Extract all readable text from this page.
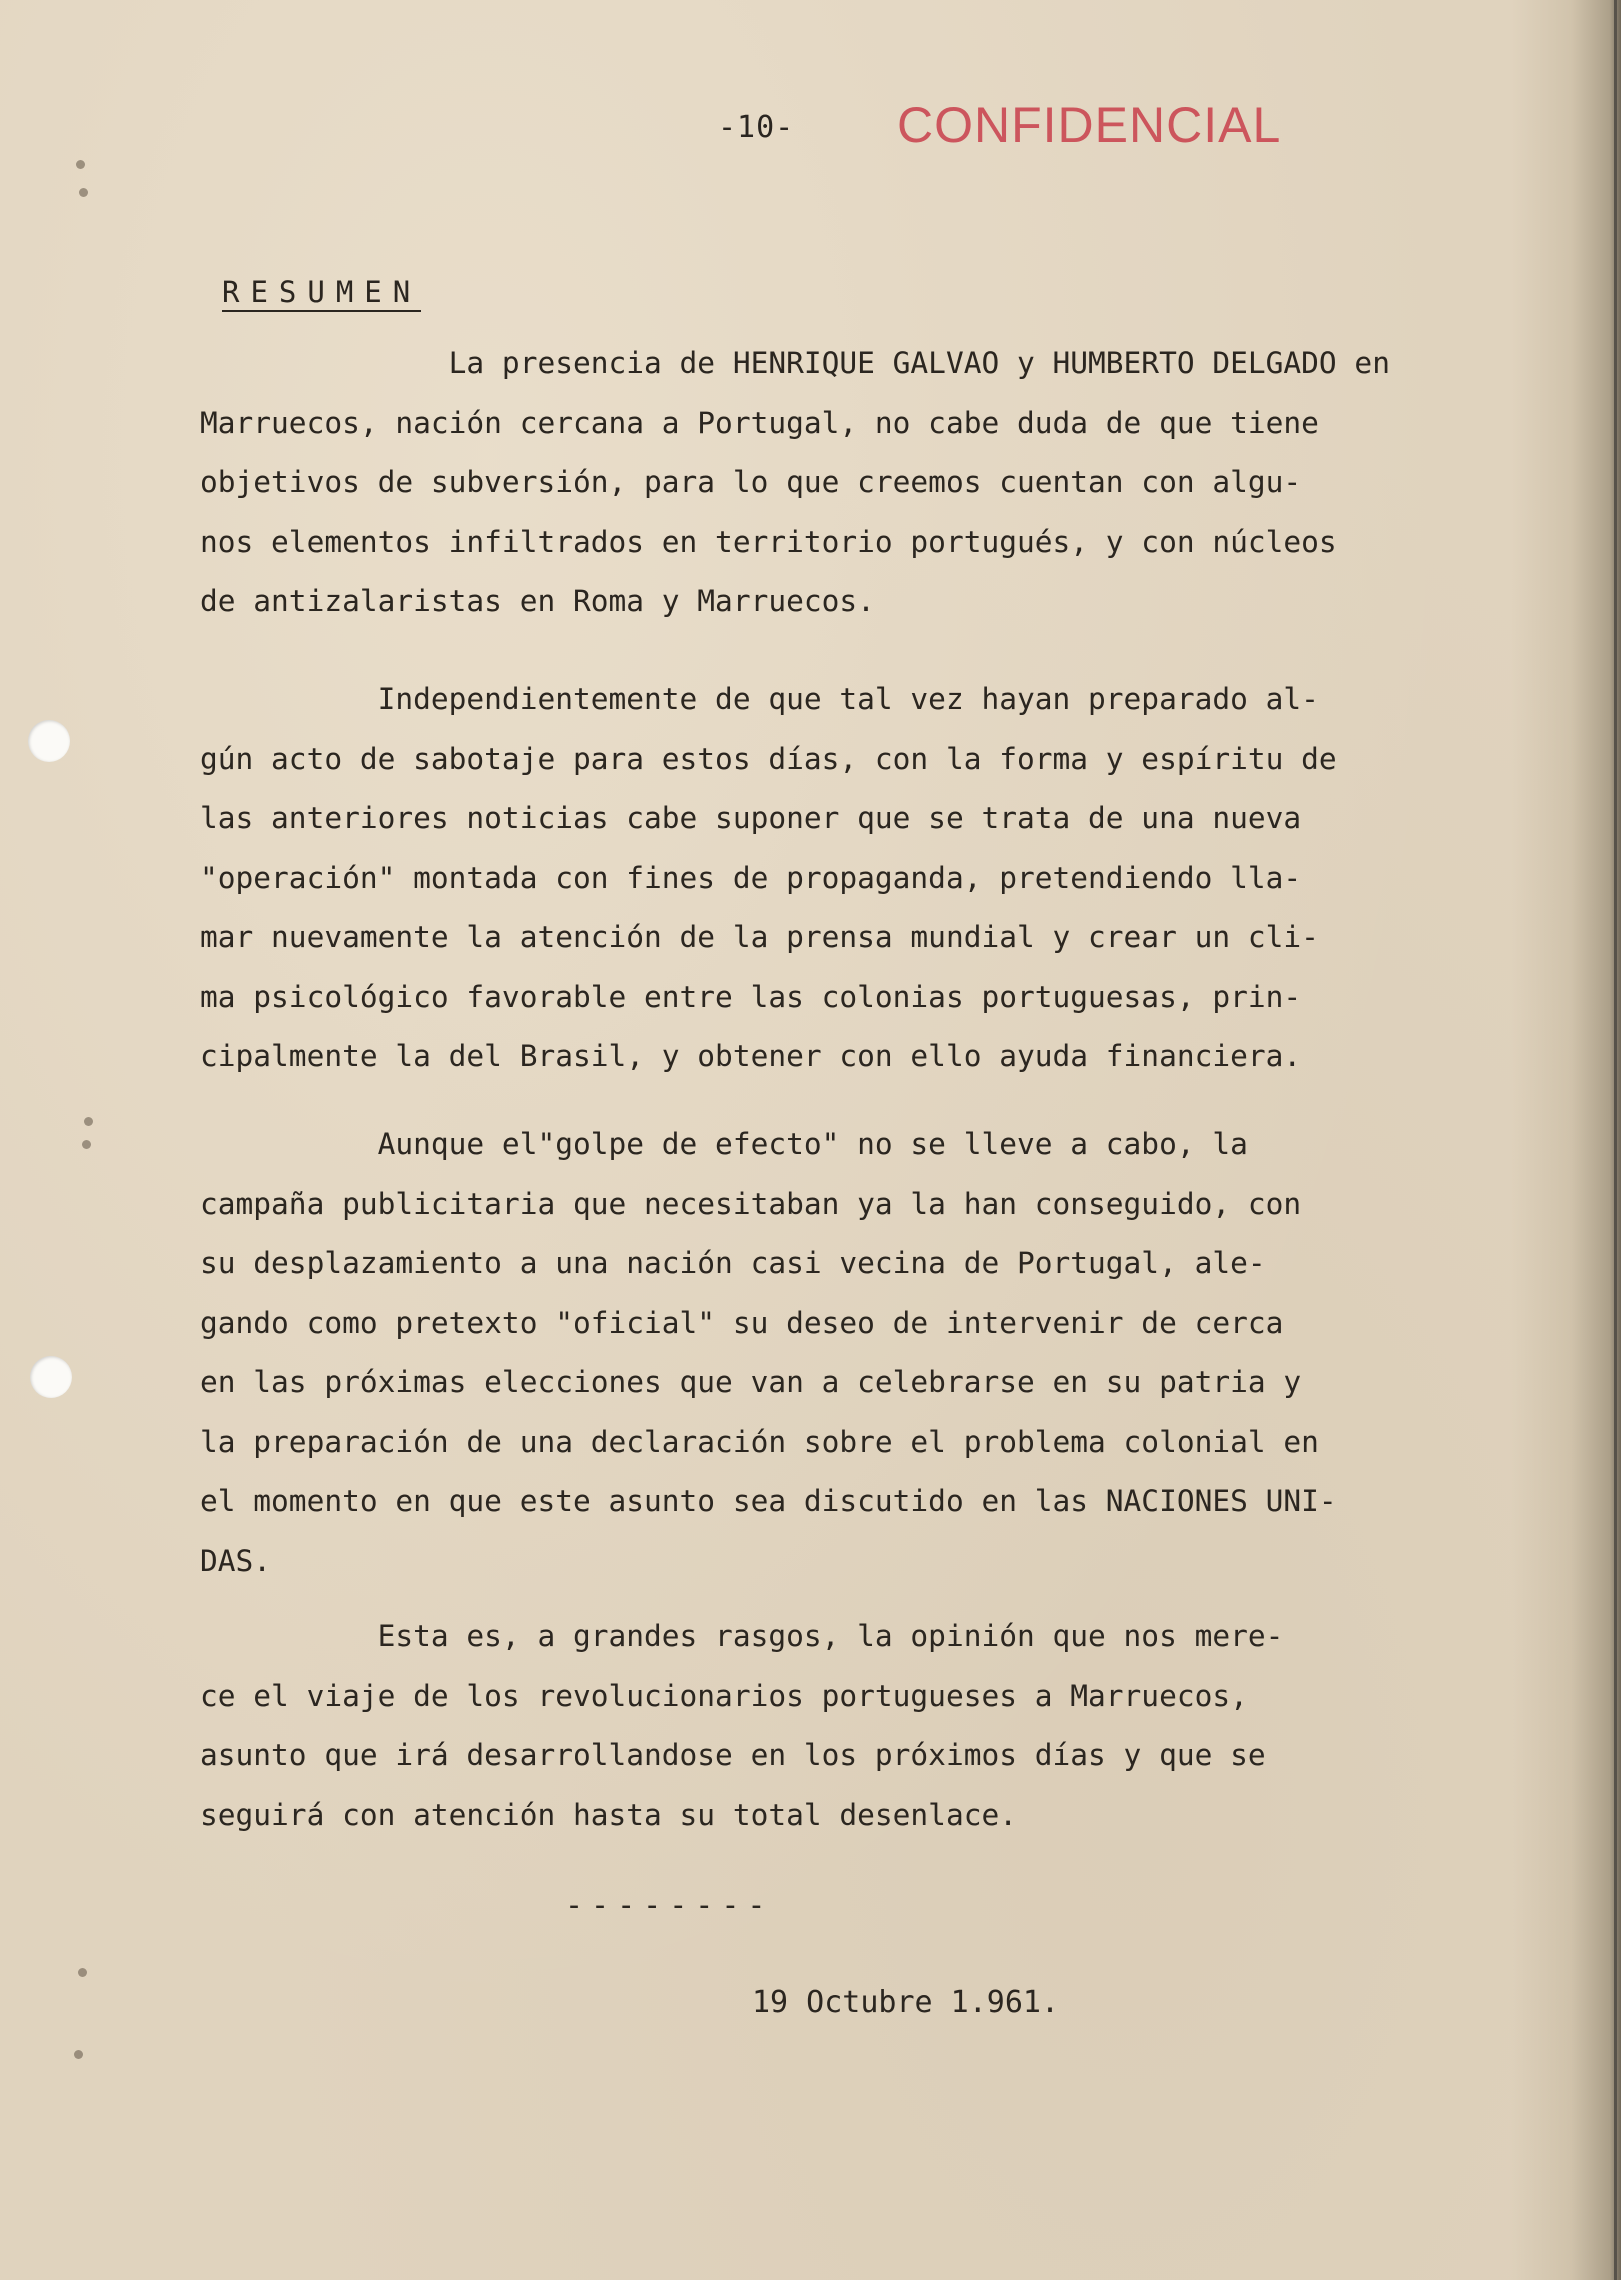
-10- CONFIDENCIAL
RESUMEN

La presencia de HENRIQUE GALVAO y HUMBERTO DELGADO en
Marruecos, nación cercana a Portugal, no cabe duda de que tiene
objetivos de subversión, para lo que creemos cuentan con algu-
nos elementos infiltrados en territorio portugués, y con núcleos
de antizalaristas en Roma y Marruecos.

Independientemente de que tal vez hayan preparado al-
gún acto de sabotaje para estos días, con la forma y espíritu de
las anteriores noticias cabe suponer que se trata de una nueva
"operación" montada con fines de propaganda, pretendiendo lla-
mar nuevamente la atención de la prensa mundial y crear un cli-
ma psicológico favorable entre las colonias portuguesas, prin-
cipalmente la del Brasil, y obtener con ello ayuda financiera.

Aunque el"golpe de efecto" no se lleve a cabo, la
campaña publicitaria que necesitaban ya la han conseguido, con
su desplazamiento a una nación casi vecina de Portugal, ale-
gando como pretexto "oficial" su deseo de intervenir de cerca
en las próximas elecciones que van a celebrarse en su patria y
la preparación de una declaración sobre el problema colonial en
el momento en que este asunto sea discutido en las NACIONES UNI-
DAS.

Esta es, a grandes rasgos, la opinión que nos mere-
ce el viaje de los revolucionarios portugueses a Marruecos,
asunto que irá desarrollandose en los próximos días y que se
seguirá con atención hasta su total desenlace.

--------
19 Octubre 1.961.
